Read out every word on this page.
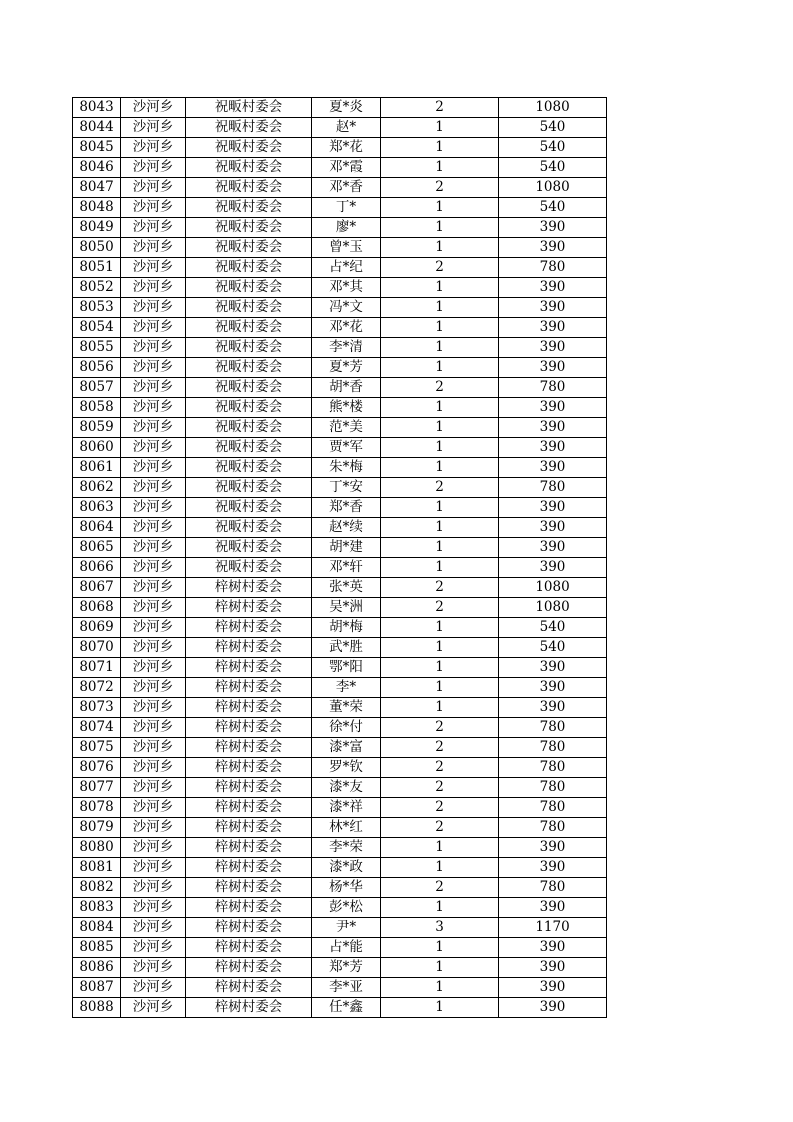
8043	沙河乡	祝畈村委会	夏*炎	2	1080
8044	沙河乡	祝畈村委会	赵*	1	540
8045	沙河乡	祝畈村委会	郑*花	1	540
8046	沙河乡	祝畈村委会	邓*霞	1	540
8047	沙河乡	祝畈村委会	邓*香	2	1080
8048	沙河乡	祝畈村委会	丁*	1	540
8049	沙河乡	祝畈村委会	廖*	1	390
8050	沙河乡	祝畈村委会	曾*玉	1	390
8051	沙河乡	祝畈村委会	占*纪	2	780
8052	沙河乡	祝畈村委会	邓*其	1	390
8053	沙河乡	祝畈村委会	冯*文	1	390
8054	沙河乡	祝畈村委会	邓*花	1	390
8055	沙河乡	祝畈村委会	李*清	1	390
8056	沙河乡	祝畈村委会	夏*芳	1	390
8057	沙河乡	祝畈村委会	胡*香	2	780
8058	沙河乡	祝畈村委会	熊*楼	1	390
8059	沙河乡	祝畈村委会	范*美	1	390
8060	沙河乡	祝畈村委会	贾*军	1	390
8061	沙河乡	祝畈村委会	朱*梅	1	390
8062	沙河乡	祝畈村委会	丁*安	2	780
8063	沙河乡	祝畈村委会	郑*香	1	390
8064	沙河乡	祝畈村委会	赵*续	1	390
8065	沙河乡	祝畈村委会	胡*建	1	390
8066	沙河乡	祝畈村委会	邓*轩	1	390
8067	沙河乡	梓树村委会	张*英	2	1080
8068	沙河乡	梓树村委会	吴*洲	2	1080
8069	沙河乡	梓树村委会	胡*梅	1	540
8070	沙河乡	梓树村委会	武*胜	1	540
8071	沙河乡	梓树村委会	鄂*阳	1	390
8072	沙河乡	梓树村委会	李*	1	390
8073	沙河乡	梓树村委会	董*荣	1	390
8074	沙河乡	梓树村委会	徐*付	2	780
8075	沙河乡	梓树村委会	漆*富	2	780
8076	沙河乡	梓树村委会	罗*钦	2	780
8077	沙河乡	梓树村委会	漆*友	2	780
8078	沙河乡	梓树村委会	漆*祥	2	780
8079	沙河乡	梓树村委会	林*红	2	780
8080	沙河乡	梓树村委会	李*荣	1	390
8081	沙河乡	梓树村委会	漆*政	1	390
8082	沙河乡	梓树村委会	杨*华	2	780
8083	沙河乡	梓树村委会	彭*松	1	390
8084	沙河乡	梓树村委会	尹*	3	1170
8085	沙河乡	梓树村委会	占*能	1	390
8086	沙河乡	梓树村委会	郑*芳	1	390
8087	沙河乡	梓树村委会	李*亚	1	390
8088	沙河乡	梓树村委会	任*鑫	1	390
